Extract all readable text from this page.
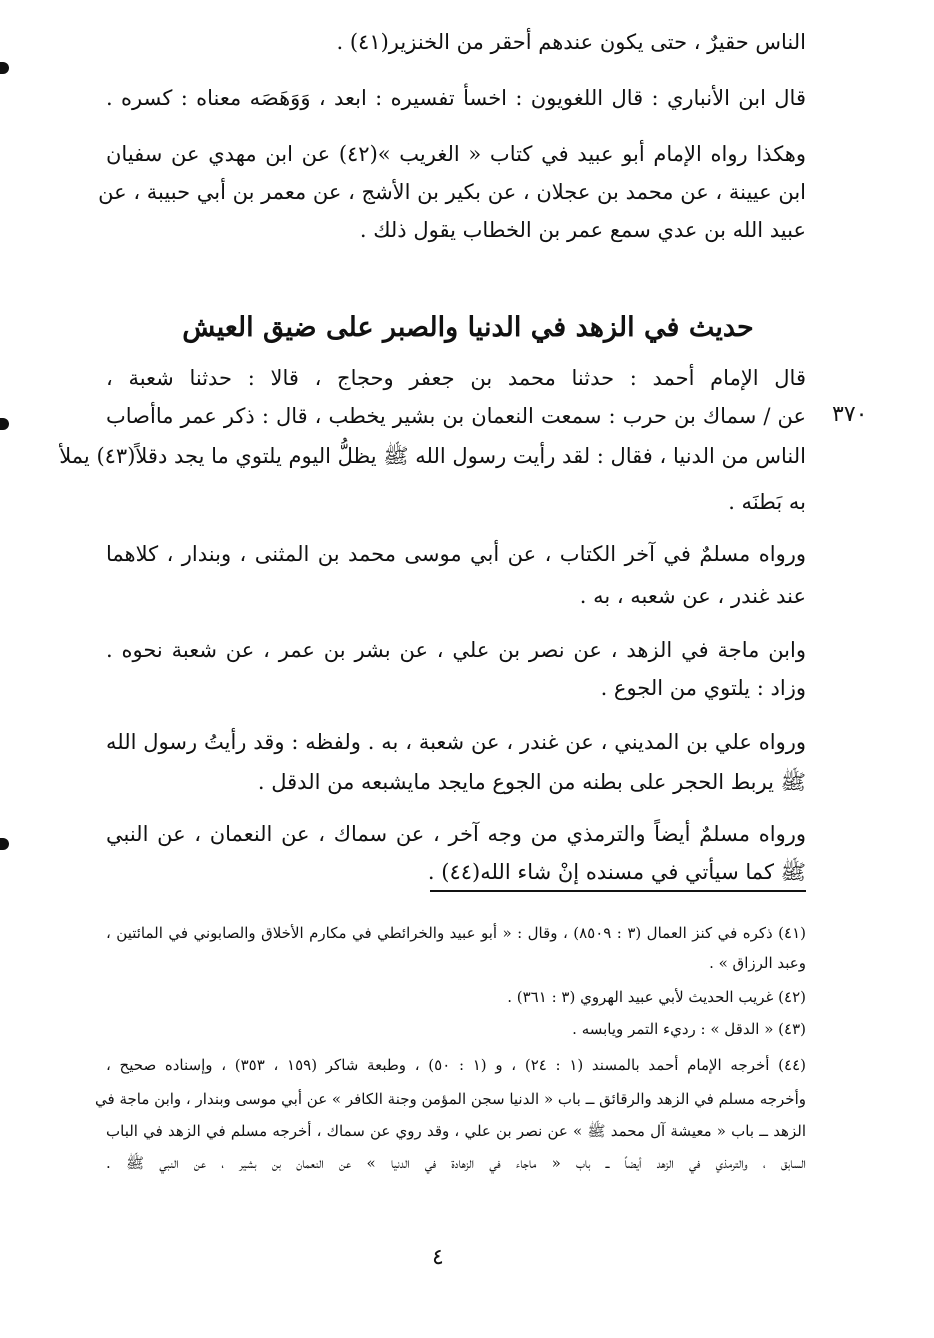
الناس حقيرٌ ، حتى يكون عندهم أحقر من الخنزير(٤١) .
قال ابن الأنباري : قال اللغويون : اخسأ تفسيره : ابعد ، وَوَهَصَه معناه : كسره .
وهكذا رواه الإمام أبو عبيد في كتاب « الغريب »(٤٢) عن ابن مهدي عن سفيان
ابن عيينة ، عن محمد بن عجلان ، عن بكير بن الأشج ، عن معمر بن أبي حبيبة ، عن
عبيد الله بن عدي سمع عمر بن الخطاب يقول ذلك .
حديث في الزهد في الدنيا والصبر على ضيق العيش
٣٧٠
قال الإمام أحمد : حدثنا محمد بن جعفر وحجاج ، قالا : حدثنا شعبة ،
عن / سماك بن حرب : سمعت النعمان بن بشير يخطب ، قال : ذكر عمر ماأصاب
الناس من الدنيا ، فقال : لقد رأيت رسول الله ﷺ يظلُّ اليوم يلتوي ما يجد دقلاً(٤٣) يملأ
به بَطنَه .
ورواه مسلمٌ في آخر الكتاب ، عن أبي موسى محمد بن المثنى ، وبندار ، كلاهما
عند غندر ، عن شعبه ، به .
وابن ماجة في الزهد ، عن نصر بن علي ، عن بشر بن عمر ، عن شعبة نحوه .
وزاد : يلتوي من الجوع .
ورواه علي بن المديني ، عن غندر ، عن شعبة ، به . ولفظه : وقد رأيتُ رسول الله
ﷺ يربط الحجر على بطنه من الجوع مايجد مايشبعه من الدقل .
ورواه مسلمٌ أيضاً والترمذي من وجه آخر ، عن سماك ، عن النعمان ، عن النبي
ﷺ كما سيأتي في مسنده إنْ شاء الله(٤٤) .
(٤١) ذكره في كنز العمال (٣ : ٨٥٠٩) ، وقال : « أبو عبيد والخرائطي في مكارم الأخلاق والصابوني في المائتين ،
وعبد الرزاق » .
(٤٢) غريب الحديث لأبي عبيد الهروي (٣ : ٣٦١) .
(٤٣) « الدقل » : رديء التمر ويابسه .
(٤٤) أخرجه الإمام أحمد بالمسند (١ : ٢٤) ، و (١ : ٥٠) ، وطبعة شاكر (١٥٩ ، ٣٥٣) ، وإسناده صحيح ،
وأخرجه مسلم في الزهد والرقائق ــ باب « الدنيا سجن المؤمن وجنة الكافر » عن أبي موسى وبندار ، وابن ماجة في
الزهد ــ باب « معيشة آل محمد ﷺ » عن نصر بن علي ، وقد روي عن سماك ، أخرجه مسلم في الزهد في الباب
السابق ، والترمذي في الزهد أيضاً ــ باب « ماجاء في الزهادة في الدنيا » عن النعمان بن بشير ، عن النبي ﷺ .
٤
